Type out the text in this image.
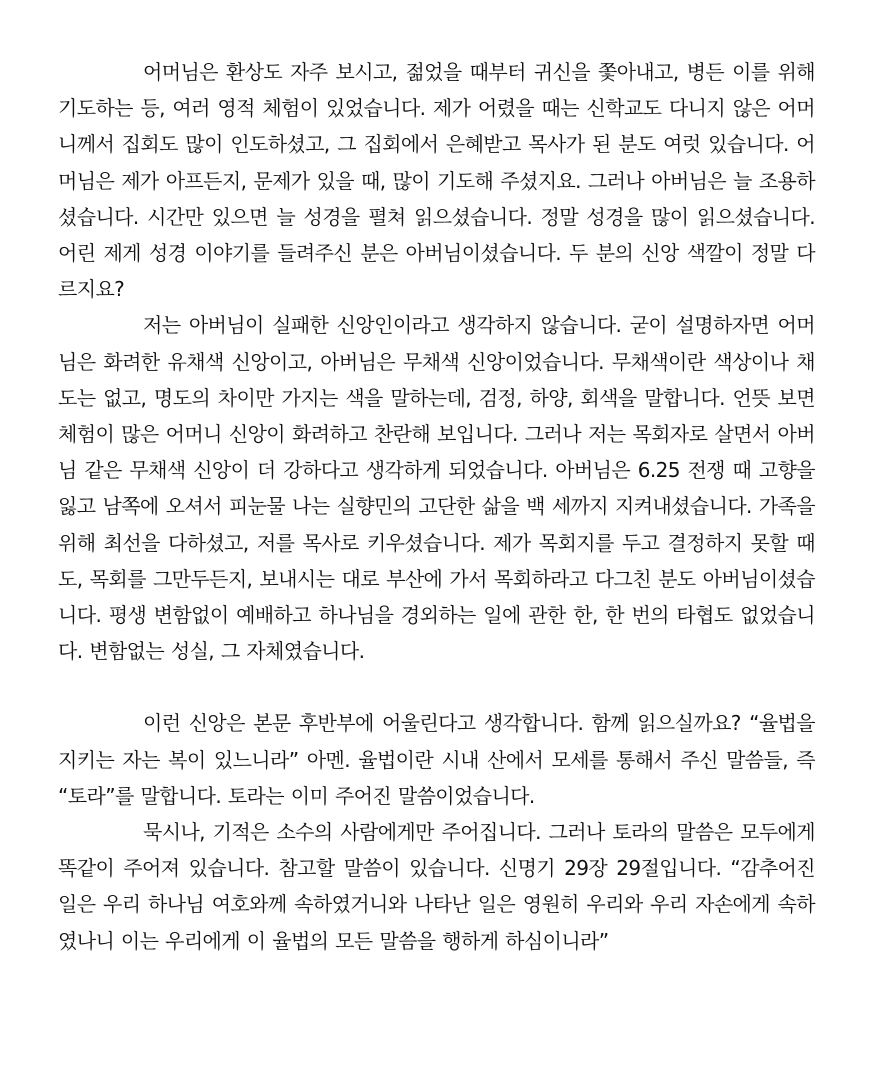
어머님은 환상도 자주 보시고, 젊었을 때부터 귀신을 쫓아내고, 병든 이를 위해 기도하는 등, 여러 영적 체험이 있었습니다. 제가 어렸을 때는 신학교도 다니지 않은 어머니께서 집회도 많이 인도하셨고, 그 집회에서 은혜받고 목사가 된 분도 여럿 있습니다. 어머님은 제가 아프든지, 문제가 있을 때, 많이 기도해 주셨지요. 그러나 아버님은 늘 조용하셨습니다. 시간만 있으면 늘 성경을 펼쳐 읽으셨습니다. 정말 성경을 많이 읽으셨습니다. 어린 제게 성경 이야기를 들려주신 분은 아버님이셨습니다. 두 분의 신앙 색깔이 정말 다르지요?

저는 아버님이 실패한 신앙인이라고 생각하지 않습니다. 굳이 설명하자면 어머님은 화려한 유채색 신앙이고, 아버님은 무채색 신앙이었습니다. 무채색이란 색상이나 채도는 없고, 명도의 차이만 가지는 색을 말하는데, 검정, 하양, 회색을 말합니다. 언뜻 보면 체험이 많은 어머니 신앙이 화려하고 찬란해 보입니다. 그러나 저는 목회자로 살면서 아버님 같은 무채색 신앙이 더 강하다고 생각하게 되었습니다. 아버님은 6.25 전쟁 때 고향을 잃고 남쪽에 오셔서 피눈물 나는 실향민의 고단한 삶을 백 세까지 지켜내셨습니다. 가족을 위해 최선을 다하셨고, 저를 목사로 키우셨습니다. 제가 목회지를 두고 결정하지 못할 때도, 목회를 그만두든지, 보내시는 대로 부산에 가서 목회하라고 다그친 분도 아버님이셨습니다. 평생 변함없이 예배하고 하나님을 경외하는 일에 관한 한, 한 번의 타협도 없었습니다. 변함없는 성실, 그 자체였습니다.

이런 신앙은 본문 후반부에 어울린다고 생각합니다. 함께 읽으실까요? “율법을 지키는 자는 복이 있느니라” 아멘. 율법이란 시내 산에서 모세를 통해서 주신 말씀들, 즉 “토라”를 말합니다. 토라는 이미 주어진 말씀이었습니다.

묵시나, 기적은 소수의 사람에게만 주어집니다. 그러나 토라의 말씀은 모두에게 똑같이 주어져 있습니다. 참고할 말씀이 있습니다. 신명기 29장 29절입니다. “감추어진 일은 우리 하나님 여호와께 속하였거니와 나타난 일은 영원히 우리와 우리 자손에게 속하였나니 이는 우리에게 이 율법의 모든 말씀을 행하게 하심이니라”
